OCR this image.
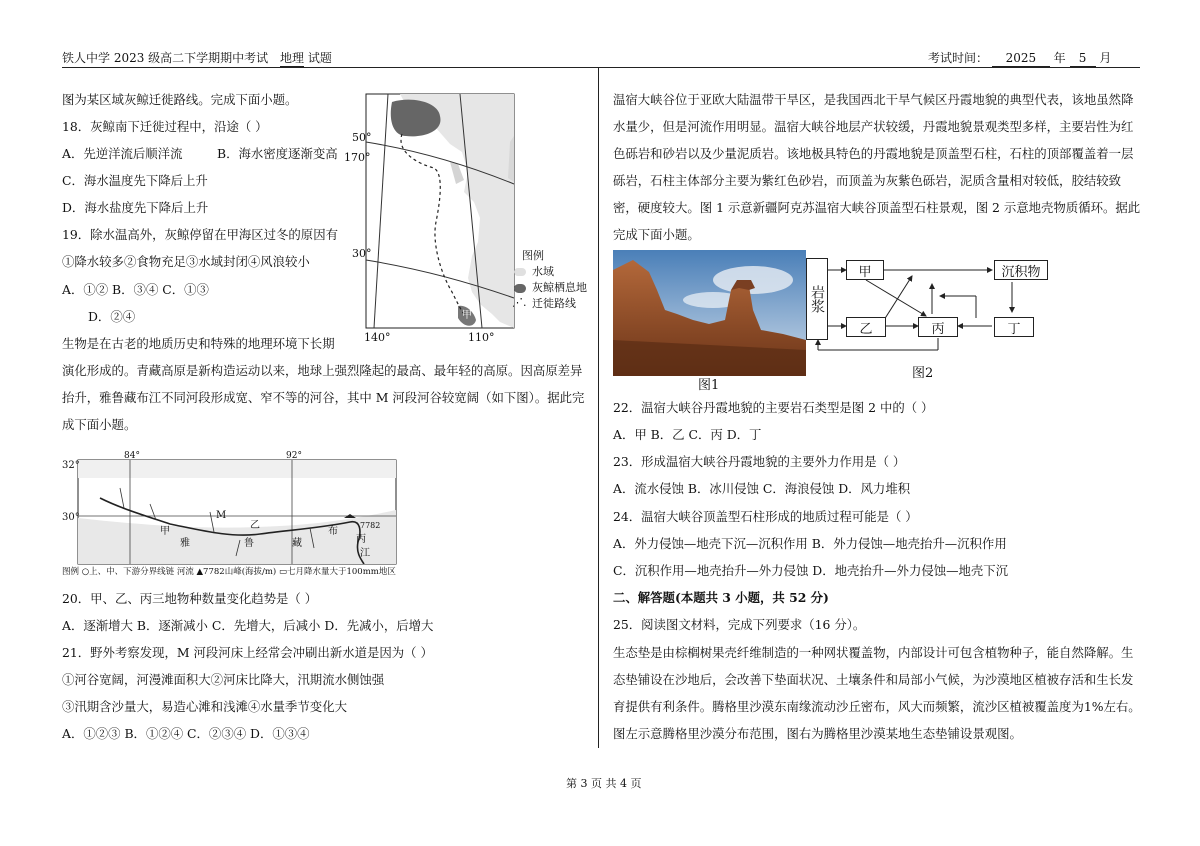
铁人中学 2023 级高二下学期期中考试 地理 试题	考试时间： 2025 年 5 月
图为某区域灰鲸迁徙路线。完成下面小题。
18．灰鲸南下迁徙过程中，沿途（ ）
A．先逆洋流后顺洋流	B．海水密度逐渐变高
C．海水温度先下降后上升
D．海水盐度先下降后上升
19．除水温高外，灰鲸停留在甲海区过冬的原因有
①降水较多②食物充足③水域封闭④风浪较小
A．①② B．③④ C．①③
D．②④
50°
170°
30°
140°	110°
甲
图例
水域
灰鲸栖息地
⋰. 迁徙路线
生物是在古老的地质历史和特殊的地理环境下长期
演化形成的。青藏高原是新构造运动以来，地球上强烈隆起的最高、最年轻的高原。因高原差异
抬升，雅鲁藏布江不同河段形成宽、窄不等的河谷，其中 M 河段河谷较宽阔（如下图）。据此完
成下面小题。
84°	92°
32°
30°	M
甲
乙
丙
雅	鲁	藏
布
江
7782
图例 ○上、中、下游分界线链 河流 ▲7782山峰(海拔/m) ▭七月降水量大于100mm地区
20．甲、乙、丙三地物种数量变化趋势是（ ）
A．逐渐增大 B．逐渐减小 C．先增大，后减小 D．先减小，后增大
21．野外考察发现，M 河段河床上经常会冲刷出新水道是因为（ ）
①河谷宽阔，河漫滩面积大②河床比降大，汛期流水侧蚀强
③汛期含沙量大，易造心滩和浅滩④水量季节变化大
A．①②③ B．①②④ C．②③④ D．①③④
温宿大峡谷位于亚欧大陆温带干旱区，是我国西北干旱气候区丹霞地貌的典型代表，该地虽然降
水量少，但是河流作用明显。温宿大峡谷地层产状较缓，丹霞地貌景观类型多样，主要岩性为红
色砾岩和砂岩以及少量泥质岩。该地极具特色的丹霞地貌是顶盖型石柱，石柱的顶部覆盖着一层
砾岩，石柱主体部分主要为紫红色砂岩，而顶盖为灰紫色砾岩，泥质含量相对较低，胶结较致
密，硬度较大。图 1 示意新疆阿克苏温宿大峡谷顶盖型石柱景观，图 2 示意地壳物质循环。据此
完成下面小题。
图1
岩浆
甲
乙	丙	丁
沉积物
图2
22．温宿大峡谷丹霞地貌的主要岩石类型是图 2 中的（ ）
A．甲 B．乙 C．丙 D．丁
23．形成温宿大峡谷丹霞地貌的主要外力作用是（ ）
A．流水侵蚀 B．冰川侵蚀 C．海浪侵蚀 D．风力堆积
24．温宿大峡谷顶盖型石柱形成的地质过程可能是（ ）
A．外力侵蚀—地壳下沉—沉积作用 B．外力侵蚀—地壳抬升—沉积作用
C．沉积作用—地壳抬升—外力侵蚀 D．地壳抬升—外力侵蚀—地壳下沉
二、解答题(本题共 3 小题，共 52 分)
25．阅读图文材料，完成下列要求（16 分）。
生态垫是由棕榈树果壳纤维制造的一种网状覆盖物，内部设计可包含植物种子，能自然降解。生
态垫铺设在沙地后，会改善下垫面状况、土壤条件和局部小气候，为沙漠地区植被存活和生长发
育提供有利条件。腾格里沙漠东南缘流动沙丘密布，风大而频繁，流沙区植被覆盖度为1%左右。
图左示意腾格里沙漠分布范围，图右为腾格里沙漠某地生态垫铺设景观图。
第 3 页 共 4 页
